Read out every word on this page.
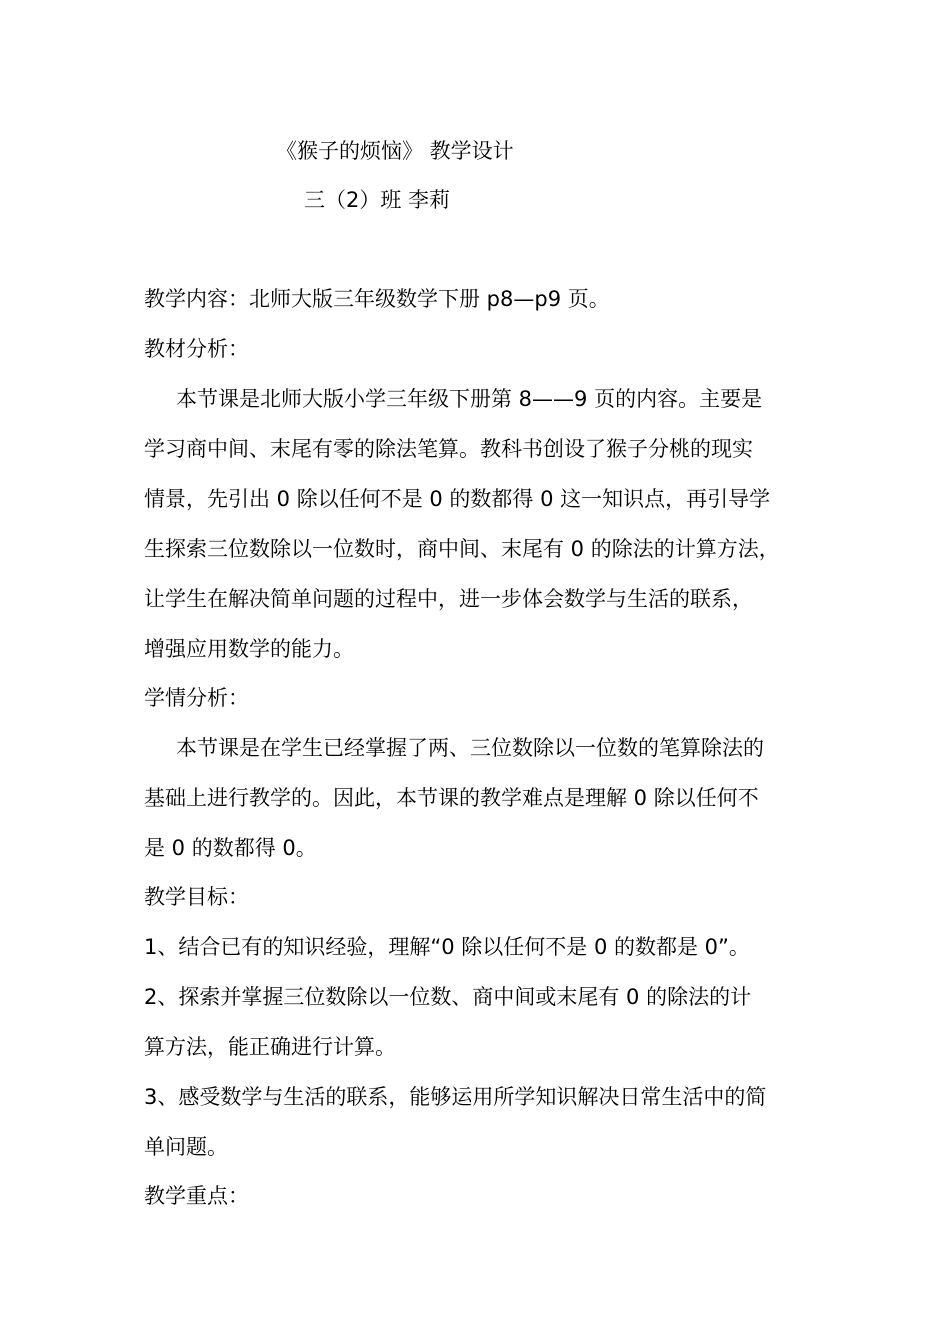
《猴子的烦恼》 教学设计
三（2）班 李莉
教学内容：北师大版三年级数学下册 p8—p9 页。
教材分析：
本节课是北师大版小学三年级下册第 8——9 页的内容。主要是
学习商中间、末尾有零的除法笔算。教科书创设了猴子分桃的现实
情景，先引出 0 除以任何不是 0 的数都得 0 这一知识点，再引导学
生探索三位数除以一位数时，商中间、末尾有 0 的除法的计算方法，
让学生在解决简单问题的过程中，进一步体会数学与生活的联系，
增强应用数学的能力。
学情分析：
本节课是在学生已经掌握了两、三位数除以一位数的笔算除法的
基础上进行教学的。因此，本节课的教学难点是理解 0 除以任何不
是 0 的数都得 0。
教学目标：
1、结合已有的知识经验，理解“0 除以任何不是 0 的数都是 0”。
2、探索并掌握三位数除以一位数、商中间或末尾有 0 的除法的计
算方法，能正确进行计算。
3、感受数学与生活的联系，能够运用所学知识解决日常生活中的简
单问题。
教学重点：
